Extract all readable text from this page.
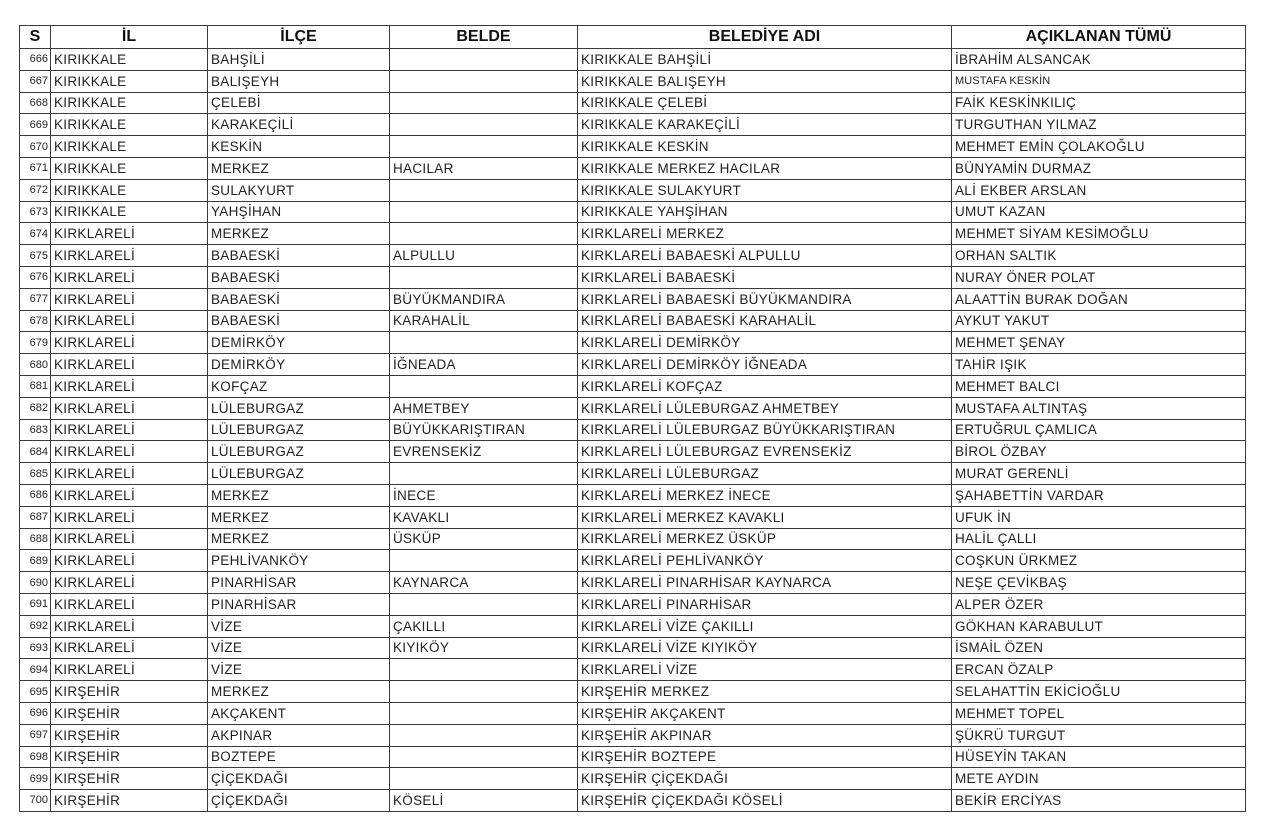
S	İL	İLÇE	BELDE	BELEDİYE ADI	AÇIKLANAN TÜMÜ
666	KIRIKKALE	BAHŞİLİ		KIRIKKALE BAHŞİLİ	İBRAHİM ALSANCAK
667	KIRIKKALE	BALIŞEYH		KIRIKKALE BALIŞEYH	MUSTAFA KESKİN
668	KIRIKKALE	ÇELEBİ		KIRIKKALE ÇELEBİ	FAİK KESKİNKILIÇ
669	KIRIKKALE	KARAKEÇİLİ		KIRIKKALE KARAKEÇİLİ	TURGUTHAN YILMAZ
670	KIRIKKALE	KESKİN		KIRIKKALE KESKİN	MEHMET EMİN ÇOLAKOĞLU
671	KIRIKKALE	MERKEZ	HACILAR	KIRIKKALE MERKEZ HACILAR	BÜNYAMİN DURMAZ
672	KIRIKKALE	SULAKYURT		KIRIKKALE SULAKYURT	ALİ EKBER ARSLAN
673	KIRIKKALE	YAHŞİHAN		KIRIKKALE YAHŞİHAN	UMUT KAZAN
674	KIRKLARELİ	MERKEZ		KIRKLARELİ MERKEZ	MEHMET SİYAM KESİMOĞLU
675	KIRKLARELİ	BABAESKİ	ALPULLU	KIRKLARELİ BABAESKİ ALPULLU	ORHAN SALTIK
676	KIRKLARELİ	BABAESKİ		KIRKLARELİ BABAESKİ	NURAY ÖNER POLAT
677	KIRKLARELİ	BABAESKİ	BÜYÜKMANDIRA	KIRKLARELİ BABAESKİ BÜYÜKMANDIRA	ALAATTİN BURAK DOĞAN
678	KIRKLARELİ	BABAESKİ	KARAHALİL	KIRKLARELİ BABAESKİ KARAHALİL	AYKUT YAKUT
679	KIRKLARELİ	DEMİRKÖY		KIRKLARELİ DEMİRKÖY	MEHMET ŞENAY
680	KIRKLARELİ	DEMİRKÖY	İĞNEADA	KIRKLARELİ DEMİRKÖY İĞNEADA	TAHİR IŞIK
681	KIRKLARELİ	KOFÇAZ		KIRKLARELİ KOFÇAZ	MEHMET BALCI
682	KIRKLARELİ	LÜLEBURGAZ	AHMETBEY	KIRKLARELİ LÜLEBURGAZ AHMETBEY	MUSTAFA ALTINTAŞ
683	KIRKLARELİ	LÜLEBURGAZ	BÜYÜKKARIŞTIRAN	KIRKLARELİ LÜLEBURGAZ BÜYÜKKARIŞTIRAN	ERTUĞRUL ÇAMLICA
684	KIRKLARELİ	LÜLEBURGAZ	EVRENSEKİZ	KIRKLARELİ LÜLEBURGAZ EVRENSEKİZ	BİROL ÖZBAY
685	KIRKLARELİ	LÜLEBURGAZ		KIRKLARELİ LÜLEBURGAZ	MURAT GERENLİ
686	KIRKLARELİ	MERKEZ	İNECE	KIRKLARELİ MERKEZ İNECE	ŞAHABETTİN VARDAR
687	KIRKLARELİ	MERKEZ	KAVAKLI	KIRKLARELİ MERKEZ KAVAKLI	UFUK İN
688	KIRKLARELİ	MERKEZ	ÜSKÜP	KIRKLARELİ MERKEZ ÜSKÜP	HALİL ÇALLI
689	KIRKLARELİ	PEHLİVANKÖY		KIRKLARELİ PEHLİVANKÖY	COŞKUN ÜRKMEZ
690	KIRKLARELİ	PINARHİSAR	KAYNARCA	KIRKLARELİ PINARHİSAR KAYNARCA	NEŞE ÇEVİKBAŞ
691	KIRKLARELİ	PINARHİSAR		KIRKLARELİ PINARHİSAR	ALPER ÖZER
692	KIRKLARELİ	VİZE	ÇAKILLI	KIRKLARELİ VİZE ÇAKILLI	GÖKHAN KARABULUT
693	KIRKLARELİ	VİZE	KIYIKÖY	KIRKLARELİ VİZE KIYIKÖY	İSMAİL ÖZEN
694	KIRKLARELİ	VİZE		KIRKLARELİ VİZE	ERCAN ÖZALP
695	KIRŞEHİR	MERKEZ		KIRŞEHİR MERKEZ	SELAHATTİN EKİCİOĞLU
696	KIRŞEHİR	AKÇAKENT		KIRŞEHİR AKÇAKENT	MEHMET TOPEL
697	KIRŞEHİR	AKPINAR		KIRŞEHİR AKPINAR	ŞÜKRÜ TURGUT
698	KIRŞEHİR	BOZTEPE		KIRŞEHİR BOZTEPE	HÜSEYİN TAKAN
699	KIRŞEHİR	ÇİÇEKDAĞI		KIRŞEHİR ÇİÇEKDAĞI	METE AYDIN
700	KIRŞEHİR	ÇİÇEKDAĞI	KÖSELİ	KIRŞEHİR ÇİÇEKDAĞI KÖSELİ	BEKİR ERCİYAS
